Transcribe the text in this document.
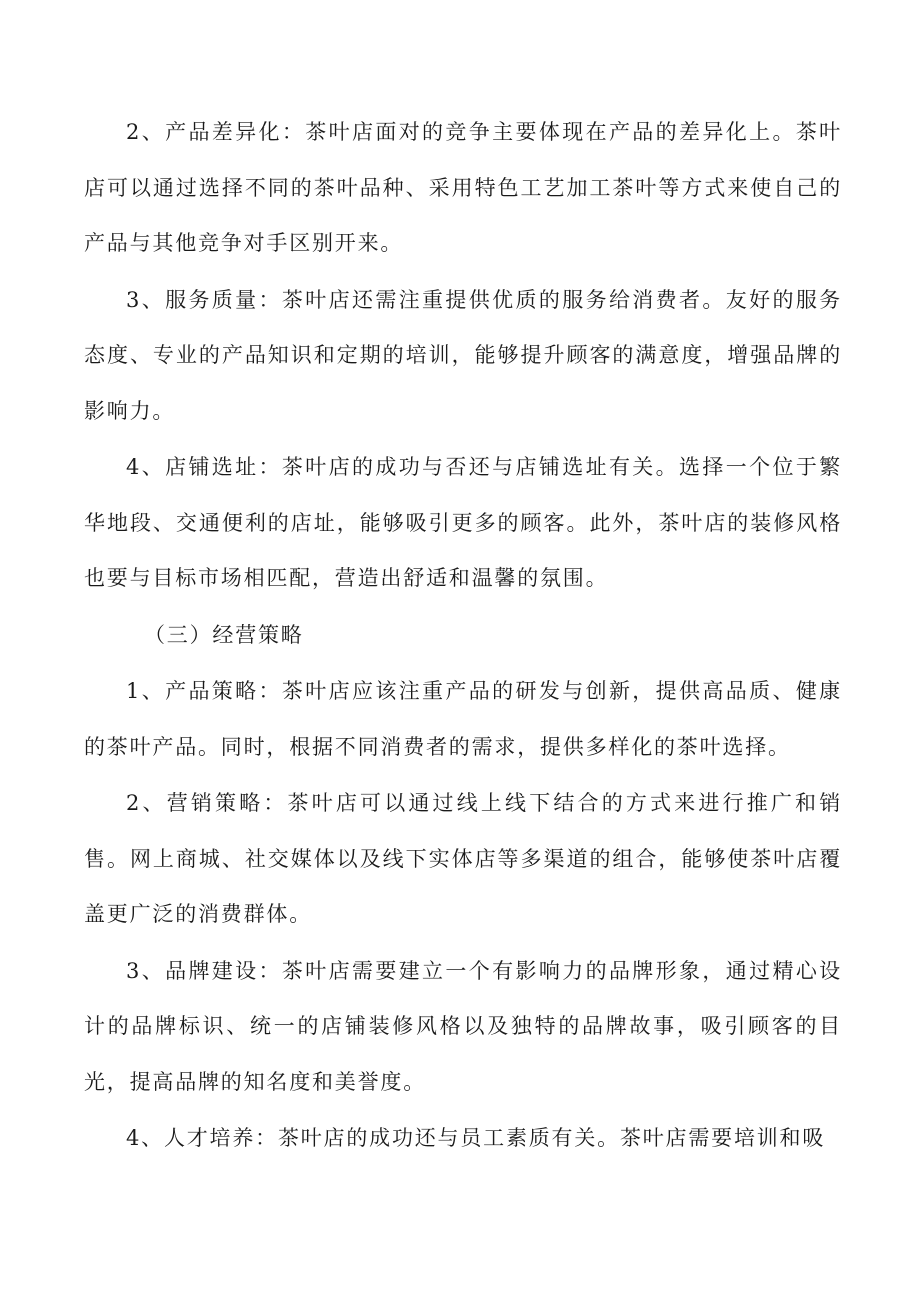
2、产品差异化：茶叶店面对的竞争主要体现在产品的差异化上。茶叶店可以通过选择不同的茶叶品种、采用特色工艺加工茶叶等方式来使自己的产品与其他竞争对手区别开来。

3、服务质量：茶叶店还需注重提供优质的服务给消费者。友好的服务态度、专业的产品知识和定期的培训，能够提升顾客的满意度，增强品牌的影响力。

4、店铺选址：茶叶店的成功与否还与店铺选址有关。选择一个位于繁华地段、交通便利的店址，能够吸引更多的顾客。此外，茶叶店的装修风格也要与目标市场相匹配，营造出舒适和温馨的氛围。

（三）经营策略

1、产品策略：茶叶店应该注重产品的研发与创新，提供高品质、健康的茶叶产品。同时，根据不同消费者的需求，提供多样化的茶叶选择。

2、营销策略：茶叶店可以通过线上线下结合的方式来进行推广和销售。网上商城、社交媒体以及线下实体店等多渠道的组合，能够使茶叶店覆盖更广泛的消费群体。

3、品牌建设：茶叶店需要建立一个有影响力的品牌形象，通过精心设计的品牌标识、统一的店铺装修风格以及独特的品牌故事，吸引顾客的目光，提高品牌的知名度和美誉度。

4、人才培养：茶叶店的成功还与员工素质有关。茶叶店需要培训和吸
